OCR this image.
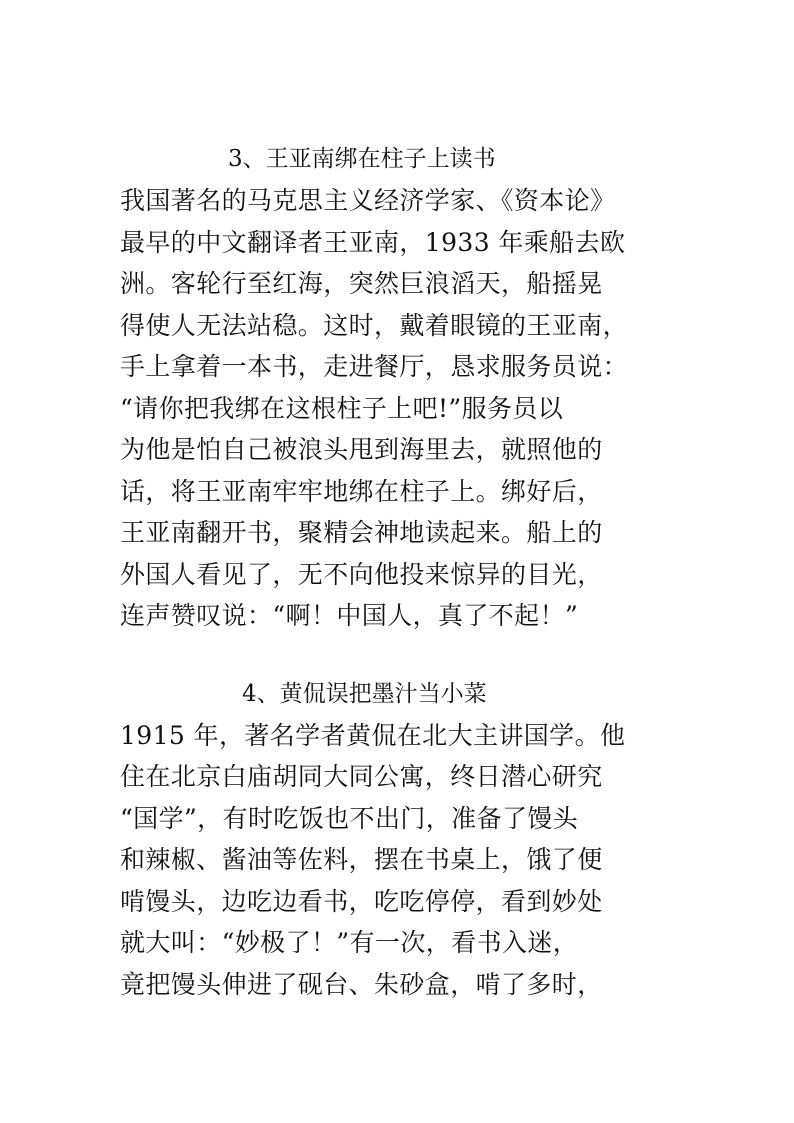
3、王亚南绑在柱子上读书
我国著名的马克思主义经济学家、《资本论》
最早的中文翻译者王亚南，1933 年乘船去欧
洲。客轮行至红海，突然巨浪滔天，船摇晃
得使人无法站稳。这时，戴着眼镜的王亚南，
手上拿着一本书，走进餐厅，恳求服务员说：
“请你把我绑在这根柱子上吧!”服务员以
为他是怕自己被浪头甩到海里去，就照他的
话，将王亚南牢牢地绑在柱子上。绑好后，
王亚南翻开书，聚精会神地读起来。船上的
外国人看见了，无不向他投来惊异的目光，
连声赞叹说：“啊！中国人，真了不起！”
4、黄侃误把墨汁当小菜
1915 年，著名学者黄侃在北大主讲国学。他
住在北京白庙胡同大同公寓，终日潜心研究
“国学”，有时吃饭也不出门，准备了馒头
和辣椒、酱油等佐料，摆在书桌上，饿了便
啃馒头，边吃边看书，吃吃停停，看到妙处
就大叫：“妙极了！”有一次，看书入迷，
竟把馒头伸进了砚台、朱砂盒，啃了多时，
